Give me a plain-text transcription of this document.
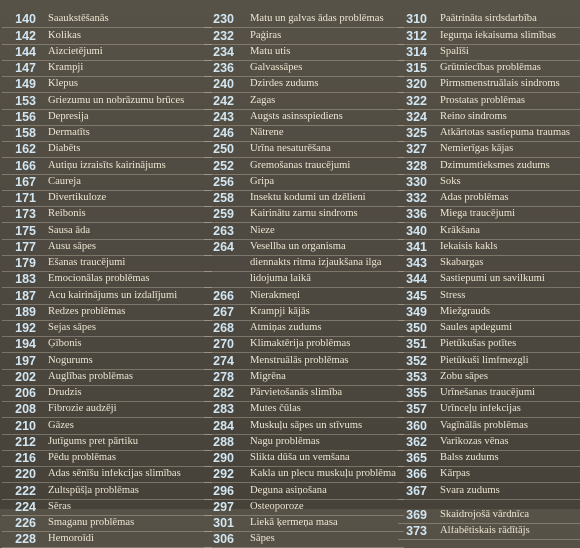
140 Saaukstēšanās
142 Kolikas
144 Aizcietējumi
147 Krampji
149 Klepus
153 Griezumu un nobrāzumu brūces
156 Depresija
158 Dermatīts
162 Diabēts
166 Autiņu izraisīts kairinājums
167 Caureja
171 Divertikuloze
173 Reibonis
175 Sausa āda
177 Ausu sāpes
179 Ēšanas traucējumi
183 Emocionālas problēmas
187 Acu kairinājums un izdalījumi
189 Redzes problēmas
192 Sejas sāpes
194 Ģībonis
197 Nogurums
202 Auglības problēmas
206 Drudzis
208 Fibrozie audzēji
210 Gāzes
212 Jutīgums pret pārtiku
216 Pēdu problēmas
220 Ādas sēnīšu infekcijas slimības
222 Žultspūšļa problēmas
224 Sēras
226 Smaganu problēmas
228 Hemoroīdi
230 Matu un galvas ādas problēmas
232 Paģiras
234 Matu utis
236 Galvassāpes
240 Dzirdes zudums
242 Žagas
243 Augsts asinsspiediens
246 Nātrene
250 Urīna nesaturēšana
252 Gremošanas traucējumi
256 Gripa
258 Insektu kodumi un dzēlieni
259 Kairinātu zarnu sindroms
263 Nieze
264 Vesellba un organisma
diennakts ritma izjaukšana ilga
lidojuma laikā
266 Nierakmeņi
267 Krampji kājās
268 Atmiņas zudums
270 Klimaktērija problēmas
274 Menstruālās problēmas
278 Migrēna
282 Pārvietošanās slimība
283 Mutes čūlas
284 Muskuļu sāpes un stīvums
288 Nagu problēmas
290 Slikta dūša un vemšana
292 Kakla un plecu muskuļu problēma
296 Deguna asiņošana
297 Osteoporoze
301 Liekā ķermeņa masa
306 Sāpes
310 Paātrināta sirdsdarbība
312 Iegurņa iekaisuma slimības
314 Spalīši
315 Grūtniecības problēmas
320 Pirmsmenstruālais sindroms
322 Prostatas problēmas
324 Reino sindroms
325 Atkārtotas sastiepuma traumas
327 Nemierīgas kājas
328 Dzimumtieksmes zudums
330 Šoks
332 Ādas problēmas
336 Miega traucējumi
340 Krākšana
341 Iekaisis kakls
343 Skabargas
344 Sastiepumi un savilkumi
345 Stress
349 Miežgrauds
350 Saules apdegumi
351 Pietūkušas potītes
352 Pietūkuši limfmezgli
353 Zobu sāpes
355 Urīnešanas traucējumi
357 Urīnceļu infekcijas
360 Vagīnālās problēmas
362 Varikozas vēnas
365 Balss zudums
366 Kārpas
367 Svara zudums
369 Skaidrojošā vārdnīca
373 Alfabētiskais rādītājs
